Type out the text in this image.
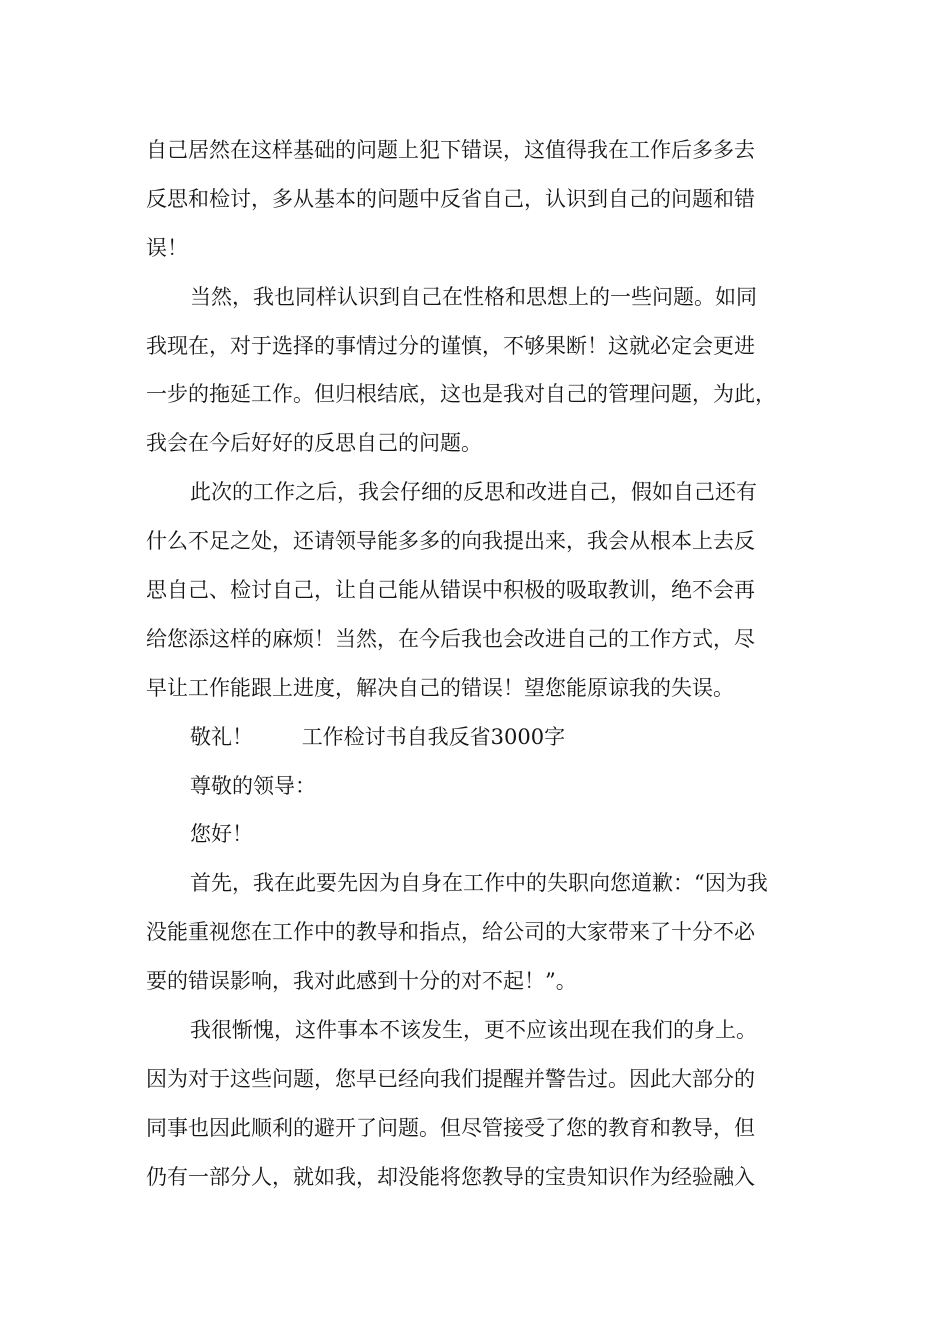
自己居然在这样基础的问题上犯下错误，这值得我在工作后多多去
反思和检讨，多从基本的问题中反省自己，认识到自己的问题和错
误！
当然，我也同样认识到自己在性格和思想上的一些问题。如同
我现在，对于选择的事情过分的谨慎，不够果断！这就必定会更进
一步的拖延工作。但归根结底，这也是我对自己的管理问题，为此，
我会在今后好好的反思自己的问题。
此次的工作之后，我会仔细的反思和改进自己，假如自己还有
什么不足之处，还请领导能多多的向我提出来，我会从根本上去反
思自己、检讨自己，让自己能从错误中积极的吸取教训，绝不会再
给您添这样的麻烦！当然，在今后我也会改进自己的工作方式，尽
早让工作能跟上进度，解决自己的错误！望您能原谅我的失误。
敬礼！ 工作检讨书自我反省3000字
尊敬的领导：
您好！
首先，我在此要先因为自身在工作中的失职向您道歉：“因为我
没能重视您在工作中的教导和指点，给公司的大家带来了十分不必
要的错误影响，我对此感到十分的对不起！”。
我很惭愧，这件事本不该发生，更不应该出现在我们的身上。
因为对于这些问题，您早已经向我们提醒并警告过。因此大部分的
同事也因此顺利的避开了问题。但尽管接受了您的教育和教导，但
仍有一部分人，就如我，却没能将您教导的宝贵知识作为经验融入
